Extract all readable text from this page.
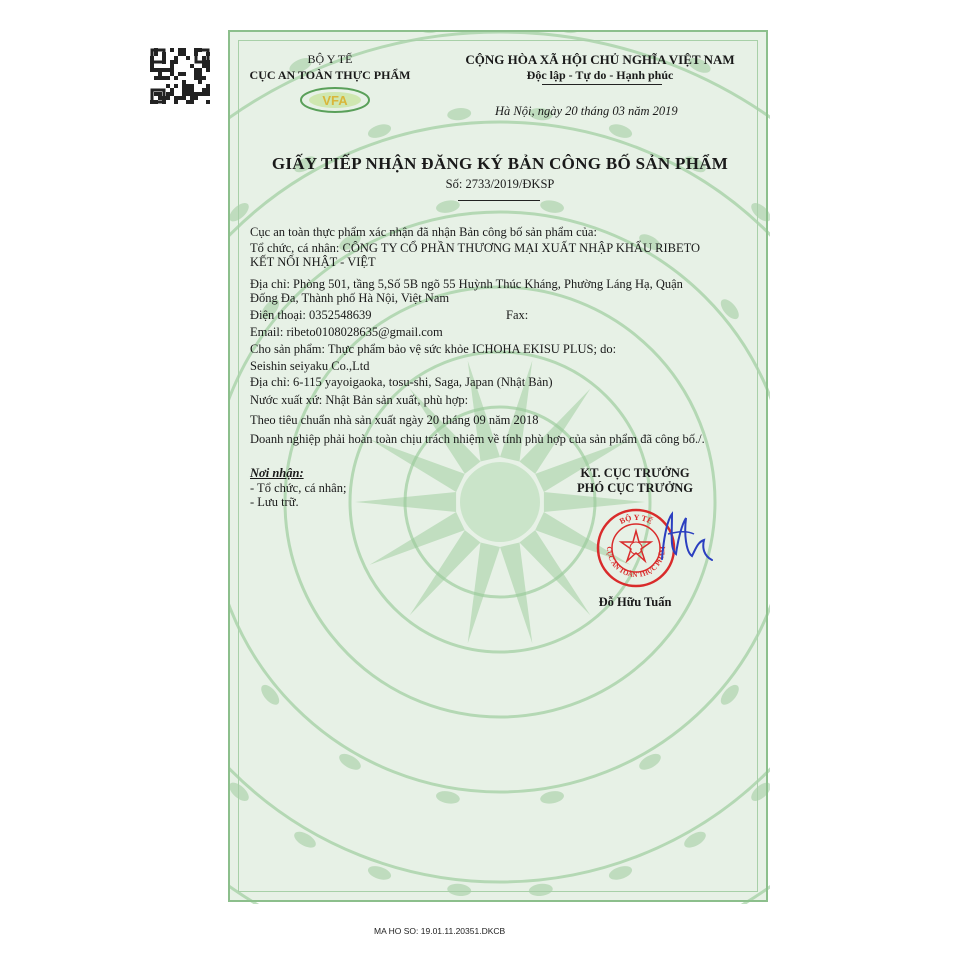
BỘ Y TẾ
CỤC AN TOÀN THỰC PHẨM
VFA
CỘNG HÒA XÃ HỘI CHỦ NGHĨA VIỆT NAM
Độc lập - Tự do - Hạnh phúc
Hà Nội, ngày 20 tháng 03 năm 2019
GIẤY TIẾP NHẬN ĐĂNG KÝ BẢN CÔNG BỐ SẢN PHẨM
Số: 2733/2019/ĐKSP
Cục an toàn thực phẩm xác nhận đã nhận Bản công bố sản phẩm của:
Tổ chức, cá nhân: CÔNG TY CỔ PHẦN THƯƠNG MẠI XUẤT NHẬP KHẨU RIBETO
KẾT NỐI NHẬT - VIỆT
Địa chỉ: Phòng 501, tầng 5,Số 5B ngõ 55 Huỳnh Thúc Kháng, Phường Láng Hạ, Quận
Đống Đa, Thành phố Hà Nội, Việt Nam
Điện thoại: 0352548639	Fax:
Email: ribeto0108028635@gmail.com
Cho sản phẩm: Thực phẩm bảo vệ sức khỏe ICHOHA EKISU PLUS; do:
Seishin seiyaku Co.,Ltd
Địa chỉ: 6-115 yayoigaoka, tosu-shi, Saga, Japan (Nhật Bản)
Nước xuất xứ: Nhật Bản sản xuất, phù hợp:
Theo tiêu chuẩn nhà sản xuất ngày 20 tháng 09 năm 2018
Doanh nghiệp phải hoàn toàn chịu trách nhiệm về tính phù hợp của sản phẩm đã công bố./.
Nơi nhận:
- Tổ chức, cá nhân;
- Lưu trữ.
KT. CỤC TRƯỞNG
PHÓ CỤC TRƯỞNG
BỘ Y TẾ
CỤC AN TOÀN THỰC PHẨM
Đỗ Hữu Tuấn
MA HO SO: 19.01.11.20351.DKCB
